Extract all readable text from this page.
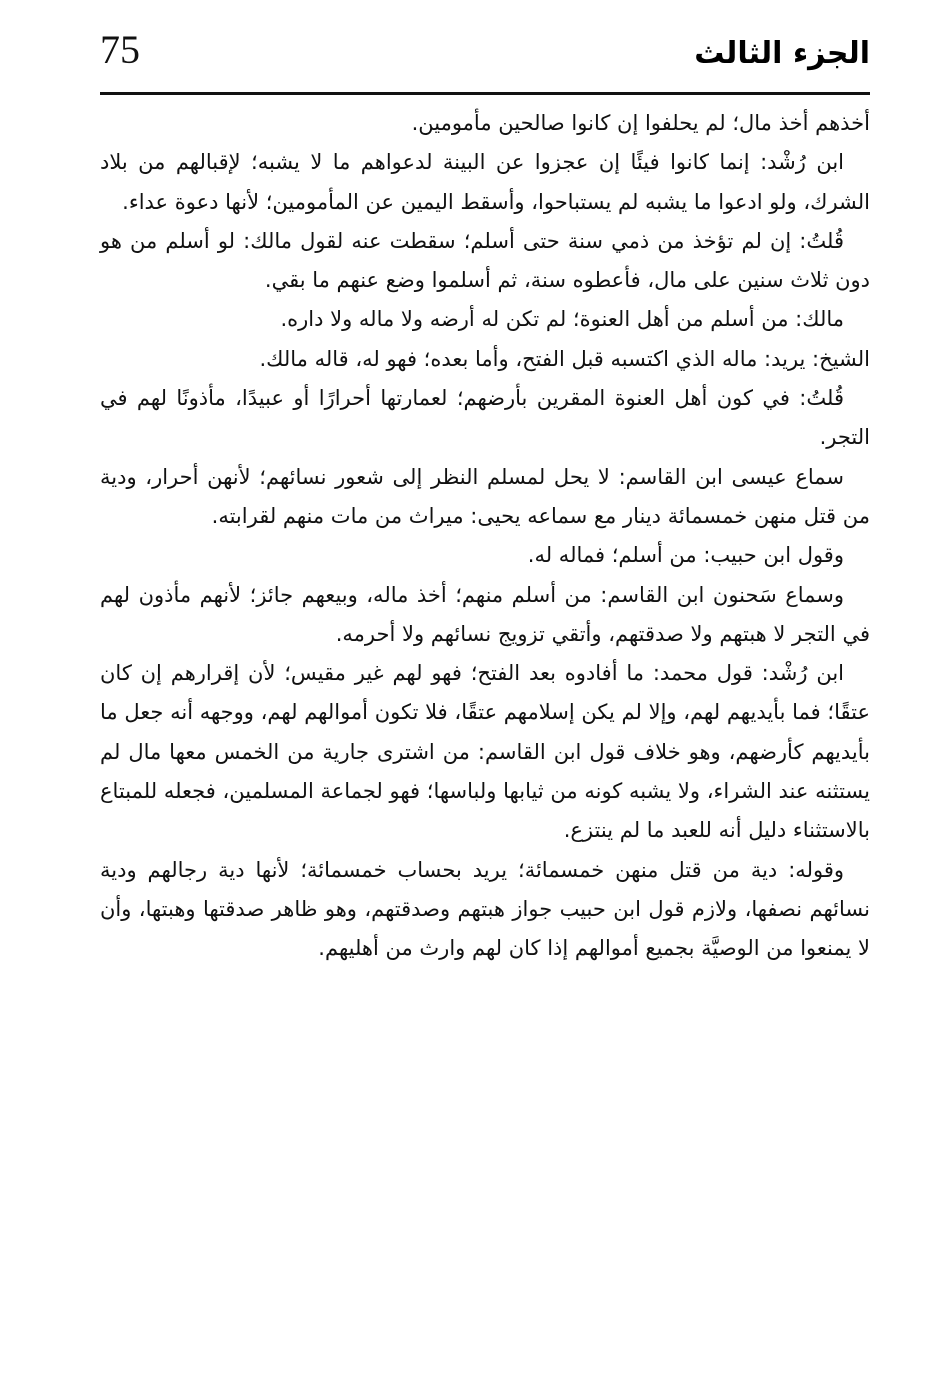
75	الجزء الثالث

أخذهم أخذ مال؛ لم يحلفوا إن كانوا صالحين مأمومين.

ابن رُشْد: إنما كانوا فيئًا إن عجزوا عن البينة لدعواهم ما لا يشبه؛ لإقبالهم من بلاد الشرك، ولو ادعوا ما يشبه لم يستباحوا، وأسقط اليمين عن المأمومين؛ لأنها دعوة عداء.

قُلتُ: إن لم تؤخذ من ذمي سنة حتى أسلم؛ سقطت عنه لقول مالك: لو أسلم من هو دون ثلاث سنين على مال، فأعطوه سنة، ثم أسلموا وضع عنهم ما بقي.

مالك: من أسلم من أهل العنوة؛ لم تكن له أرضه ولا ماله ولا داره.

الشيخ: يريد: ماله الذي اكتسبه قبل الفتح، وأما بعده؛ فهو له، قاله مالك.

قُلتُ: في كون أهل العنوة المقرين بأرضهم؛ لعمارتها أحرارًا أو عبيدًا، مأذونًا لهم في التجر.

سماع عيسى ابن القاسم: لا يحل لمسلم النظر إلى شعور نسائهم؛ لأنهن أحرار، ودية من قتل منهن خمسمائة دينار مع سماعه يحيى: ميراث من مات منهم لقرابته.

وقول ابن حبيب: من أسلم؛ فماله له.

وسماع سَحنون ابن القاسم: من أسلم منهم؛ أخذ ماله، وبيعهم جائز؛ لأنهم مأذون لهم في التجر لا هبتهم ولا صدقتهم، وأتقي تزويج نسائهم ولا أحرمه.

ابن رُشْد: قول محمد: ما أفادوه بعد الفتح؛ فهو لهم غير مقيس؛ لأن إقرارهم إن كان عتقًا؛ فما بأيديهم لهم، وإلا لم يكن إسلامهم عتقًا، فلا تكون أموالهم لهم، ووجهه أنه جعل ما بأيديهم كأرضهم، وهو خلاف قول ابن القاسم: من اشترى جارية من الخمس معها مال لم يستثنه عند الشراء، ولا يشبه كونه من ثيابها ولباسها؛ فهو لجماعة المسلمين، فجعله للمبتاع بالاستثناء دليل أنه للعبد ما لم ينتزع.

وقوله: دية من قتل منهن خمسمائة؛ يريد بحساب خمسمائة؛ لأنها دية رجالهم ودية نسائهم نصفها، ولازم قول ابن حبيب جواز هبتهم وصدقتهم، وهو ظاهر صدقتها وهبتها، وأن لا يمنعوا من الوصيَّة بجميع أموالهم إذا كان لهم وارث من أهليهم.
